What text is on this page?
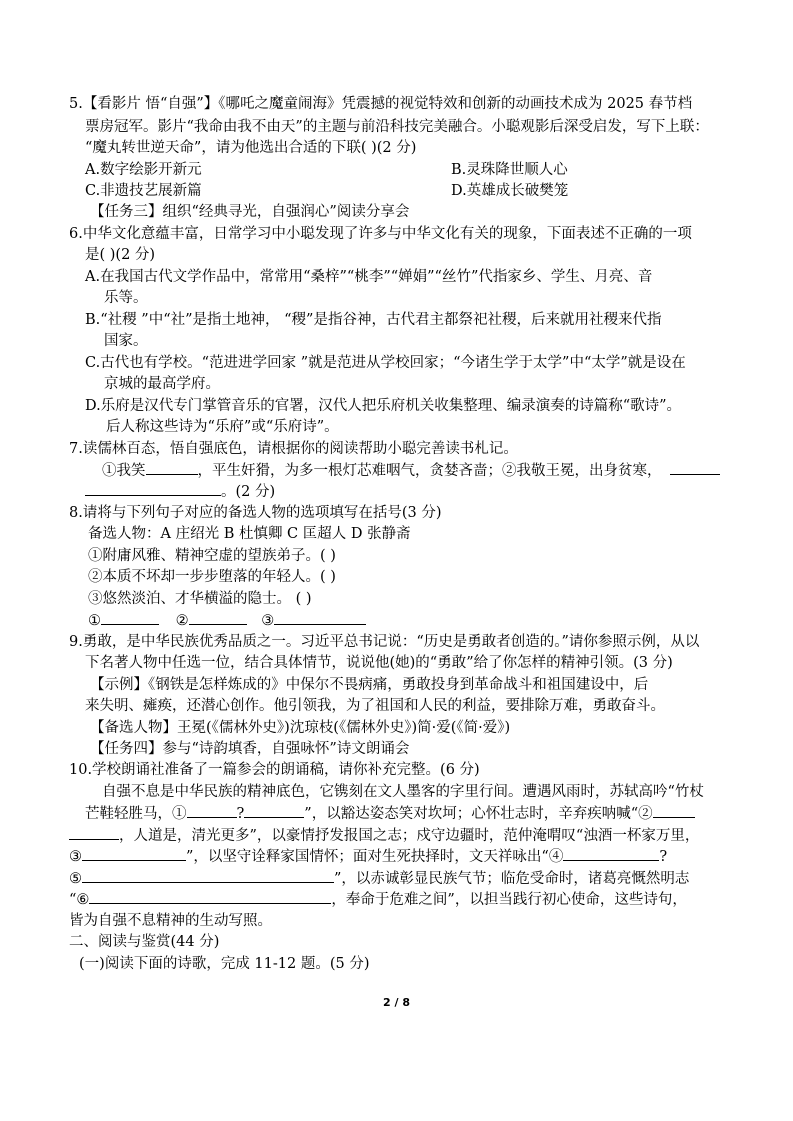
5.【看影片 悟“自强”】《哪吒之魔童闹海》凭震撼的视觉特效和创新的动画技术成为 2025 春节档
票房冠军。影片“我命由我不由天”的主题与前沿科技完美融合。小聪观影后深受启发，写下上联：
“魔丸转世逆天命”，请为他选出合适的下联( )(2 分)
A.数字绘影开新元	B.灵珠降世顺人心
C.非遗技艺展新篇	D.英雄成长破樊笼
【任务三】组织“经典寻光，自强润心”阅读分享会
6.中华文化意蕴丰富，日常学习中小聪发现了许多与中华文化有关的现象，下面表述不正确的一项
是( )(2 分)
A.在我国古代文学作品中，常常用“桑梓”“桃李”“婵娟”“丝竹”代指家乡、学生、月亮、音
乐等。
B.“社稷 ”中“社”是指土地神， “稷”是指谷神，古代君主都祭祀社稷，后来就用社稷来代指
国家。
C.古代也有学校。“范进进学回家 ”就是范进从学校回家；“今诸生学于太学”中“太学”就是设在
京城的最高学府。
D.乐府是汉代专门掌管音乐的官署，汉代人把乐府机关收集整理、编录演奏的诗篇称“歌诗”。
后人称这些诗为“乐府”或“乐府诗”。
7.读儒林百态，悟自强底色，请根据你的阅读帮助小聪完善读书札记。
①我笑	，平生奸猾，为多一根灯芯难咽气，贪婪吝啬；②我敬王冕，出身贫寒，
。(2 分)
8.请将与下列句子对应的备选人物的选项填写在括号(3 分)
备选人物：A 庄绍光 B 杜慎卿 C 匡超人 D 张静斋
①附庸风雅、精神空虚的望族弟子。( )
②本质不坏却一步步堕落的年轻人。( )
③悠然淡泊、才华横溢的隐士。 ( )
①	②	③
9.勇敢，是中华民族优秀品质之一。习近平总书记说：“历史是勇敢者创造的。”请你参照示例，从以
下名著人物中任选一位，结合具体情节，说说他(她)的“勇敢”给了你怎样的精神引领。(3 分)
【示例】《钢铁是怎样炼成的》中保尔不畏病痛，勇敢投身到革命战斗和祖国建设中，后
来失明、瘫痪，还潜心创作。他引领我，为了祖国和人民的利益，要排除万难，勇敢奋斗。
【备选人物】王冕(《儒林外史》)沈琼枝(《儒林外史》)简·爱(《简·爱》)
【任务四】参与“诗韵填香，自强咏怀”诗文朗诵会
10.学校朗诵社准备了一篇参会的朗诵稿，请你补充完整。(6 分)
自强不息是中华民族的精神底色，它镌刻在文人墨客的字里行间。遭遇风雨时，苏轼高吟“竹杖
芒鞋轻胜马，①	?	”，以豁达姿态笑对坎坷；心怀壮志时，辛弃疾呐喊“②
，人道是，清光更多”，以豪情抒发报国之志；戍守边疆时，范仲淹喟叹“浊酒一杯家万里，
③	”，以坚守诠释家国情怀；面对生死抉择时，文天祥咏出“④	?
⑤	”，以赤诚彰显民族气节；临危受命时，诸葛亮慨然明志
“⑥	，奉命于危难之间”，以担当践行初心使命，这些诗句，
皆为自强不息精神的生动写照。
二、阅读与鉴赏(44 分)
(一)阅读下面的诗歌，完成 11-12 题。(5 分)
2 / 8
